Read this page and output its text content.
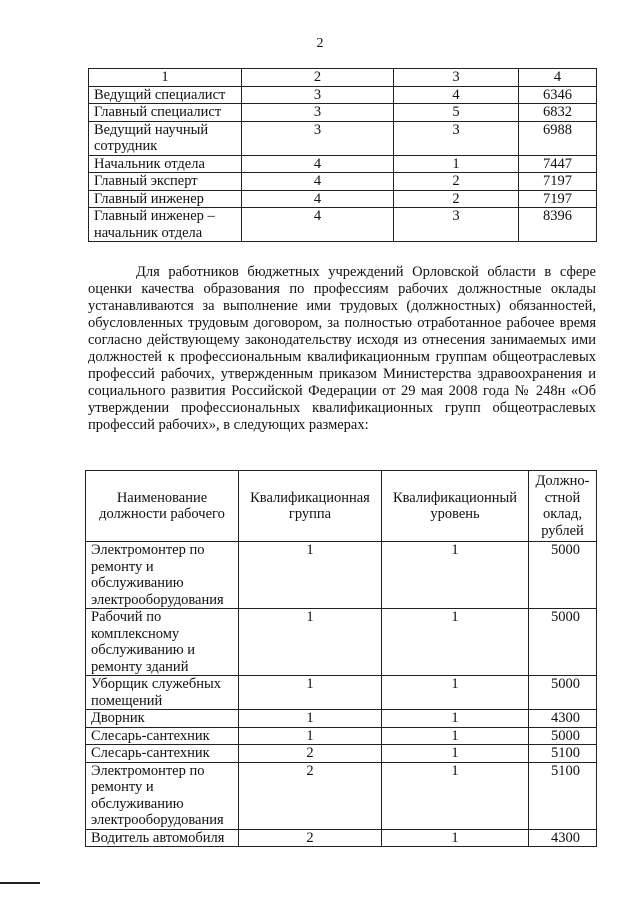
2
1	2	3	4
Ведущий специалист	3	4	6346
Главный специалист	3	5	6832
Ведущий научный сотрудник	3	3	6988
Начальник отдела	4	1	7447
Главный эксперт	4	2	7197
Главный инженер	4	2	7197
Главный инженер – начальник отдела	4	3	8396

Для работников бюджетных учреждений Орловской области в сфере оценки качества образования по профессиям рабочих должностные оклады устанавливаются за выполнение ими трудовых (должностных) обязанностей, обусловленных трудовым договором, за полностью отработанное рабочее время согласно действующему законодательству исходя из отнесения занимаемых ими должностей к профессиональным квалификационным группам общеотраслевых профессий рабочих, утвержденным приказом Министерства здравоохранения и социального развития Российской Федерации от 29 мая 2008 года № 248н «Об утверждении профессиональных квалификационных групп общеотраслевых профессий рабочих», в следующих размерах:

Наименование должности рабочего	Квалификационная группа	Квалификационный уровень	Должно-стной оклад, рублей
Электромонтер по ремонту и обслуживанию электрооборудования	1	1	5000
Рабочий по комплексному обслуживанию и ремонту зданий	1	1	5000
Уборщик служебных помещений	1	1	5000
Дворник	1	1	4300
Слесарь-сантехник	1	1	5000
Слесарь-сантехник	2	1	5100
Электромонтер по ремонту и обслуживанию электрооборудования	2	1	5100
Водитель автомобиля	2	1	4300
